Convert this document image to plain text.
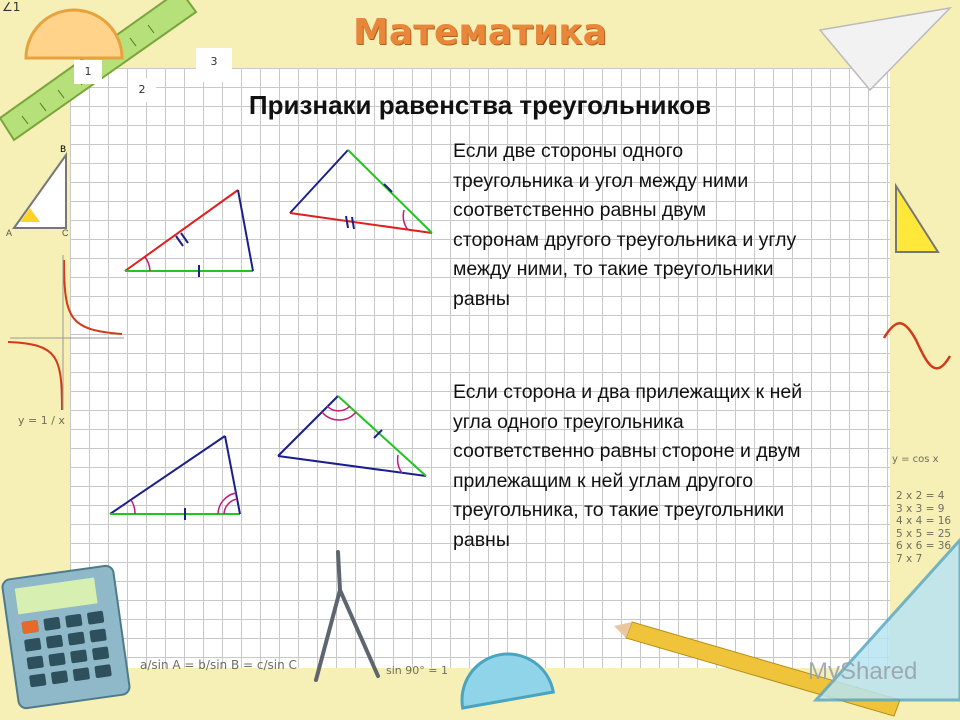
B
A	C
y = 1 / x
y = cos x
a/sin A = b/sin B = c/sin C	sin 90° = 1
2 x 2 = 4
3 x 3 = 9
4 x 4 = 16
5 x 5 = 25
6 x 6 = 36
7 x 7
∠1
1
2
3
Математика
Признаки равенства треугольников
Если две стороны одного
треугольника и угол между ними
соответственно равны двум
сторонам другого треугольника и углу
между ними, то такие треугольники
равны
Если сторона и два прилежащих к ней
угла одного треугольника
соответственно равны стороне и двум
прилежащим к ней углам другого
треугольника, то такие треугольники
равны
MyShared
